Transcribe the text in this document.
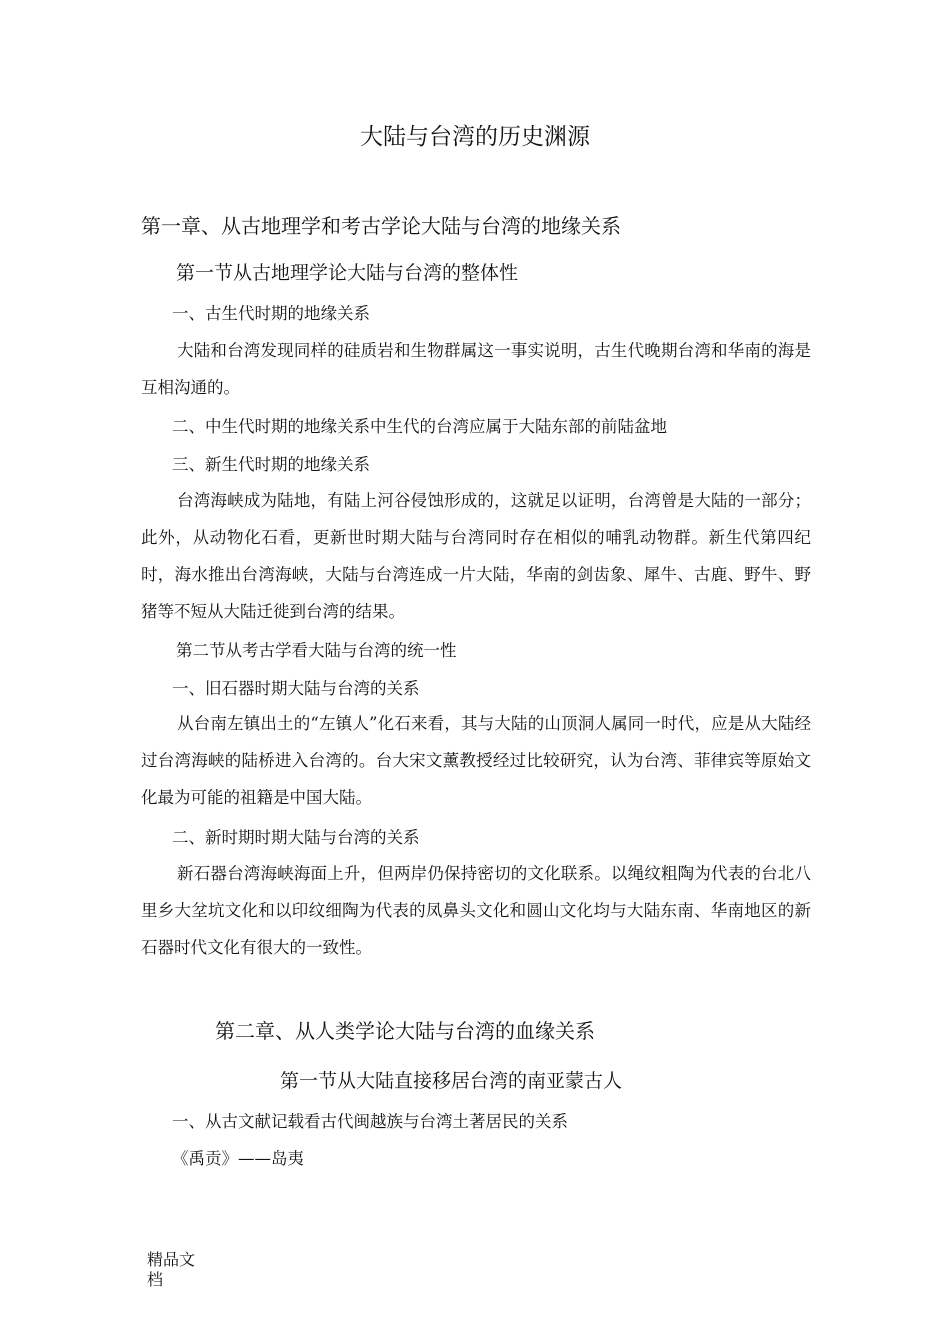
大陆与台湾的历史渊源
第一章、从古地理学和考古学论大陆与台湾的地缘关系
第一节从古地理学论大陆与台湾的整体性

一、古生代时期的地缘关系

大陆和台湾发现同样的硅质岩和生物群属这一事实说明，古生代晚期台湾和华南的海是互相沟通的。

二、中生代时期的地缘关系中生代的台湾应属于大陆东部的前陆盆地

三、新生代时期的地缘关系

台湾海峡成为陆地，有陆上河谷侵蚀形成的，这就足以证明，台湾曾是大陆的一部分；此外，从动物化石看，更新世时期大陆与台湾同时存在相似的哺乳动物群。新生代第四纪时，海水推出台湾海峡，大陆与台湾连成一片大陆，华南的剑齿象、犀牛、古鹿、野牛、野猪等不短从大陆迁徙到台湾的结果。

第二节从考古学看大陆与台湾的统一性

一、旧石器时期大陆与台湾的关系

从台南左镇出土的“左镇人”化石来看，其与大陆的山顶洞人属同一时代，应是从大陆经过台湾海峡的陆桥进入台湾的。台大宋文薰教授经过比较研究，认为台湾、菲律宾等原始文化最为可能的祖籍是中国大陆。

二、新时期时期大陆与台湾的关系

新石器台湾海峡海面上升，但两岸仍保持密切的文化联系。以绳纹粗陶为代表的台北八里乡大坌坑文化和以印纹细陶为代表的凤鼻头文化和圆山文化均与大陆东南、华南地区的新石器时代文化有很大的一致性。

第二章、从人类学论大陆与台湾的血缘关系
第一节从大陆直接移居台湾的南亚蒙古人

一、从古文献记载看古代闽越族与台湾土著居民的关系

《禹贡》——岛夷

精品文档
